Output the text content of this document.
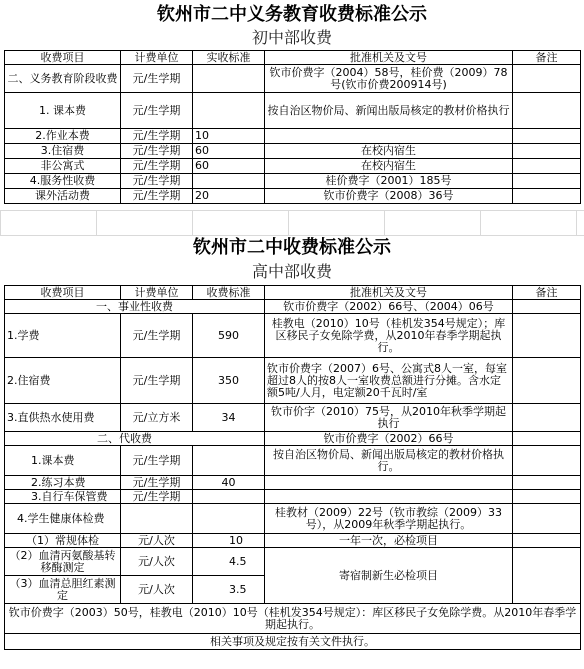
钦州市二中义务教育收费标准公示
初中部收费
收费项目	计费单位	实收标准	批准机关及文号	备注
二、义务教育阶段收费	元/生学期		钦市价费字（2004）58号，桂价费（2009）78号(钦市价费200914号)	
1. 课本费	元/生学期		按自治区物价局、新闻出版局核定的教材价格执行	
2.作业本费	元/生学期	10		
3.住宿费	元/生学期	60	在校内宿生	
非公寓式	元/生学期	60	在校内宿生	
4.服务性收费	元/生学期		桂价费字（2001）185号	
课外活动费	元/生学期	20	钦市价费字（2008）36号	
钦州市二中收费标准公示
高中部收费
收费项目	计费单位	收费标准	批准机关及文号	备注
一、事业性收费			钦市价费字（2002）66号、（2004）06号	
1.学费	元/生学期	590	桂教电（2010）10号（桂机发354号规定）；库区移民子女免除学费，从2010年春季学期起执行。	
2.住宿费	元/生学期	350	钦市价费字（2007）6号、公寓式8人一室，每室超过8人的按8人一室收费总额进行分摊。含水定额5吨/人月，电定额20千瓦时/室	
3.直供热水使用费	元/立方米	34	钦市价字（2010）75号，从2010年秋季学期起执行	
二、代收费			钦市价费字（2002）66号	
1.课本费	元/生学期		按自治区物价局、新闻出版局核定的教材价格执行。	
2.练习本费	元/生学期	40		
3.自行车保管费	元/生学期			
4.学生健康体检费			桂教材（2009）22号（钦市教综（2009）33号），从2009年秋季学期起执行。	
（1）常规体检	元/人次	10	一年一次，必检项目	
（2）血清丙氨酸基转移酶测定	元/人次	4.5	寄宿制新生必检项目	
（3）血清总胆红素测定	元/人次	3.5		
钦市价费字（2003）50号，桂教电（2010）10号（桂机发354号规定）：库区移民子女免除学费。从2010年春季学期起执行。				
相关事项及规定按有关文件执行。				
